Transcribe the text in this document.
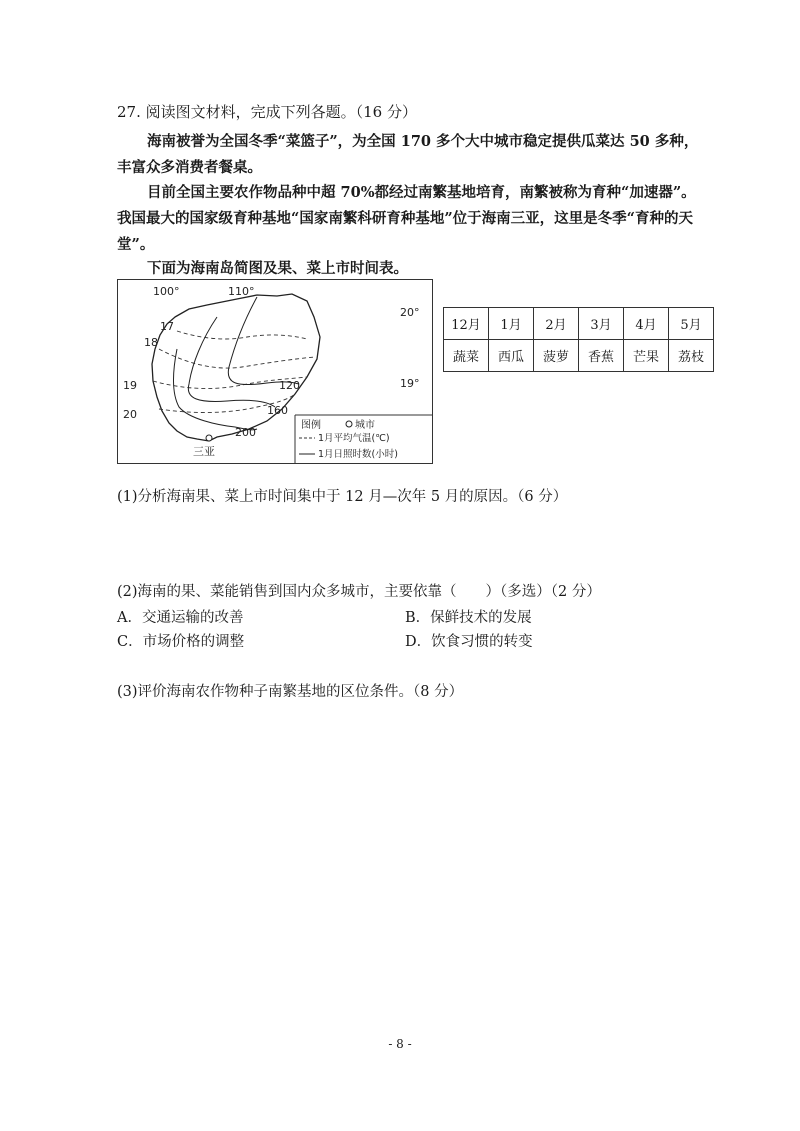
27. 阅读图文材料，完成下列各题。（16 分）
海南被誉为全国冬季“菜篮子”，为全国 170 多个大中城市稳定提供瓜菜达 50 多种，丰富众多消费者餐桌。
目前全国主要农作物品种中超 70%都经过南繁基地培育，南繁被称为育种“加速器”。我国最大的国家级育种基地“国家南繁科研育种基地”位于海南三亚，这里是冬季“育种的天堂”。
下面为海南岛简图及果、菜上市时间表。
100°	110°
20°
19°
17
18
19
20
120
160
200
三亚
图例	城市
1月平均气温(℃)
1月日照时数(小时)
12月	1月	2月	3月	4月	5月
蔬菜	西瓜	菠萝	香蕉	芒果	荔枝
(1)分析海南果、菜上市时间集中于 12 月—次年 5 月的原因。（6 分）
(2)海南的果、菜能销售到国内众多城市，主要依靠（　　）（多选）（2 分）
A．交通运输的改善	B．保鲜技术的发展
C．市场价格的调整	D．饮食习惯的转变
(3)评价海南农作物种子南繁基地的区位条件。（8 分）
- 8 -
